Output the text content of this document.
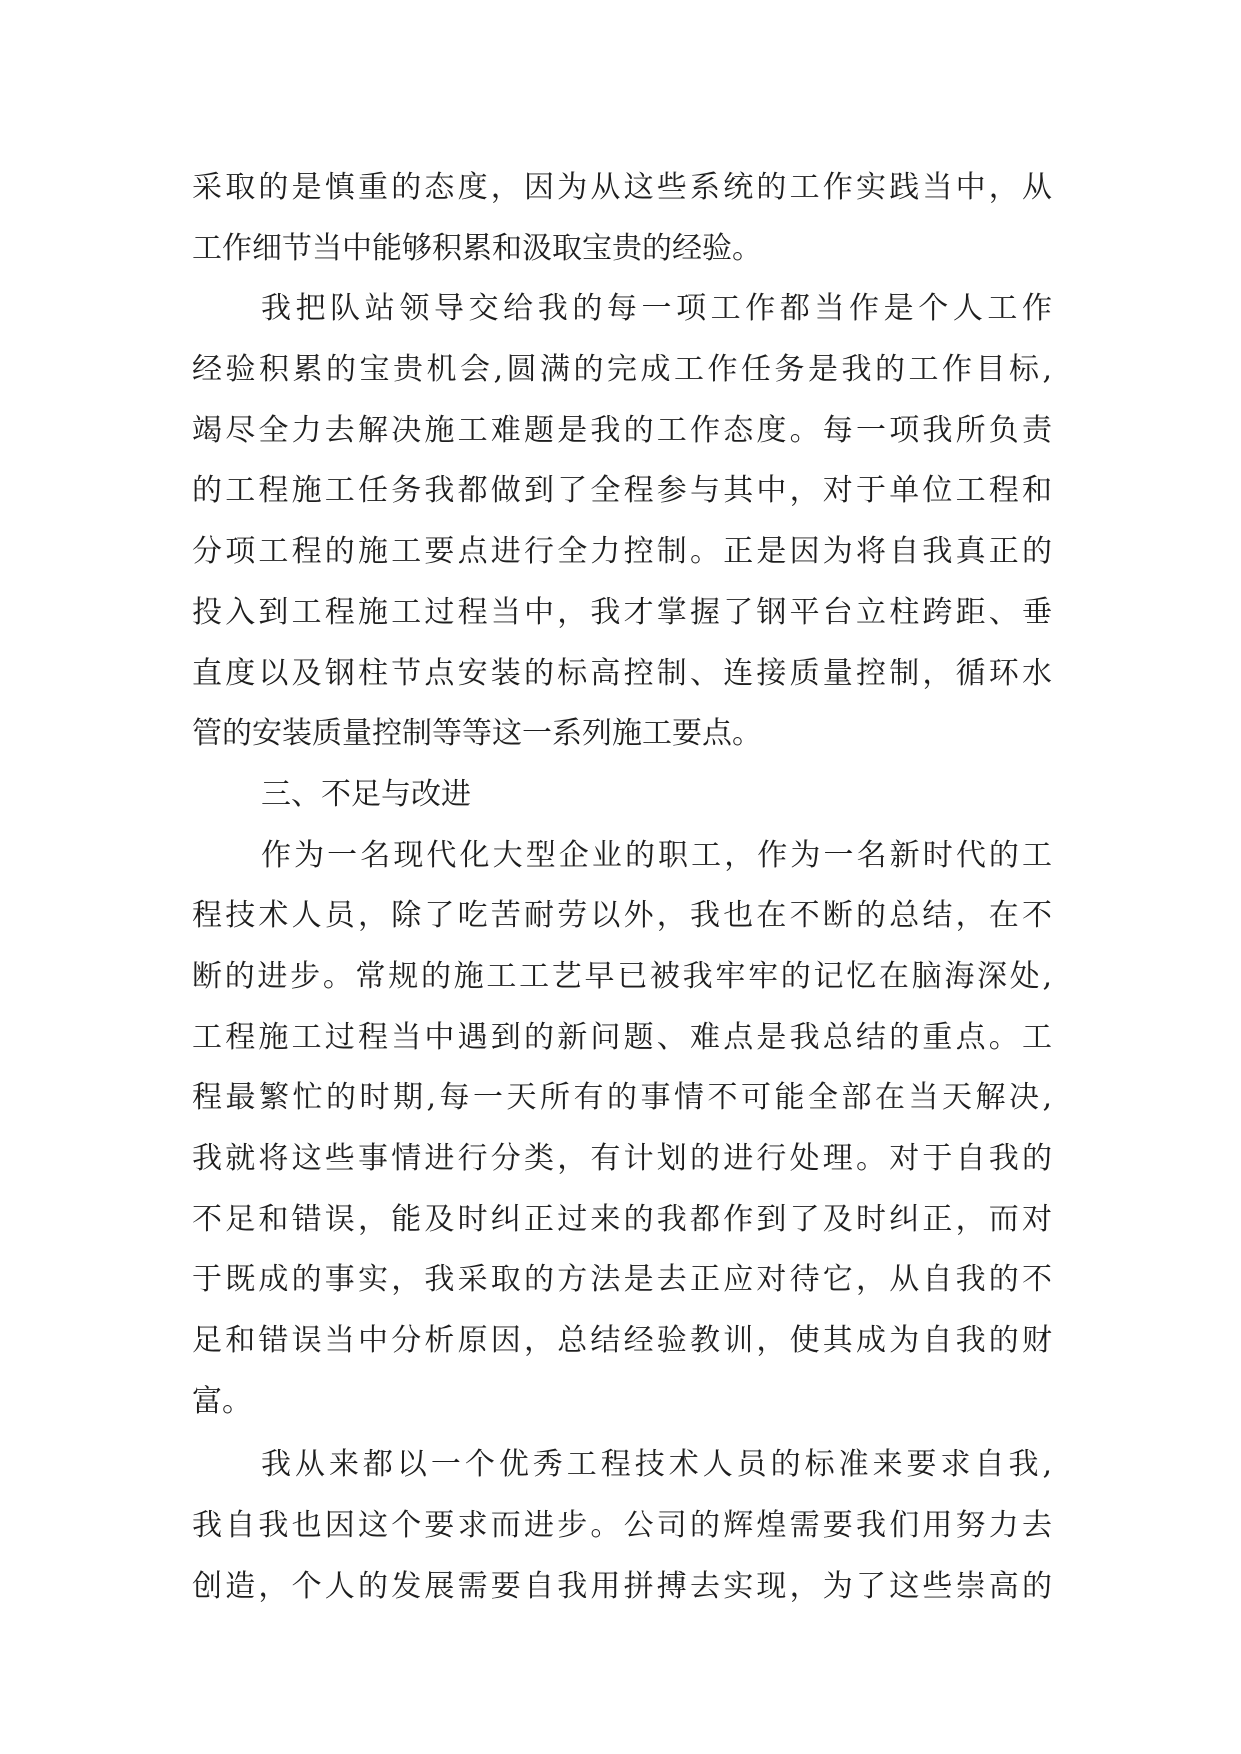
采取的是慎重的态度，因为从这些系统的工作实践当中，从
工作细节当中能够积累和汲取宝贵的经验。
我把队站领导交给我的每一项工作都当作是个人工作
经验积累的宝贵机会,圆满的完成工作任务是我的工作目标,
竭尽全力去解决施工难题是我的工作态度。每一项我所负责
的工程施工任务我都做到了全程参与其中，对于单位工程和
分项工程的施工要点进行全力控制。正是因为将自我真正的
投入到工程施工过程当中，我才掌握了钢平台立柱跨距、垂
直度以及钢柱节点安装的标高控制、连接质量控制，循环水
管的安装质量控制等等这一系列施工要点。
三、不足与改进
作为一名现代化大型企业的职工，作为一名新时代的工
程技术人员，除了吃苦耐劳以外，我也在不断的总结，在不
断的进步。常规的施工工艺早已被我牢牢的记忆在脑海深处,
工程施工过程当中遇到的新问题、难点是我总结的重点。工
程最繁忙的时期,每一天所有的事情不可能全部在当天解决,
我就将这些事情进行分类，有计划的进行处理。对于自我的
不足和错误，能及时纠正过来的我都作到了及时纠正，而对
于既成的事实，我采取的方法是去正应对待它，从自我的不
足和错误当中分析原因，总结经验教训，使其成为自我的财
富。
我从来都以一个优秀工程技术人员的标准来要求自我,
我自我也因这个要求而进步。公司的辉煌需要我们用努力去
创造，个人的发展需要自我用拼搏去实现，为了这些崇高的
